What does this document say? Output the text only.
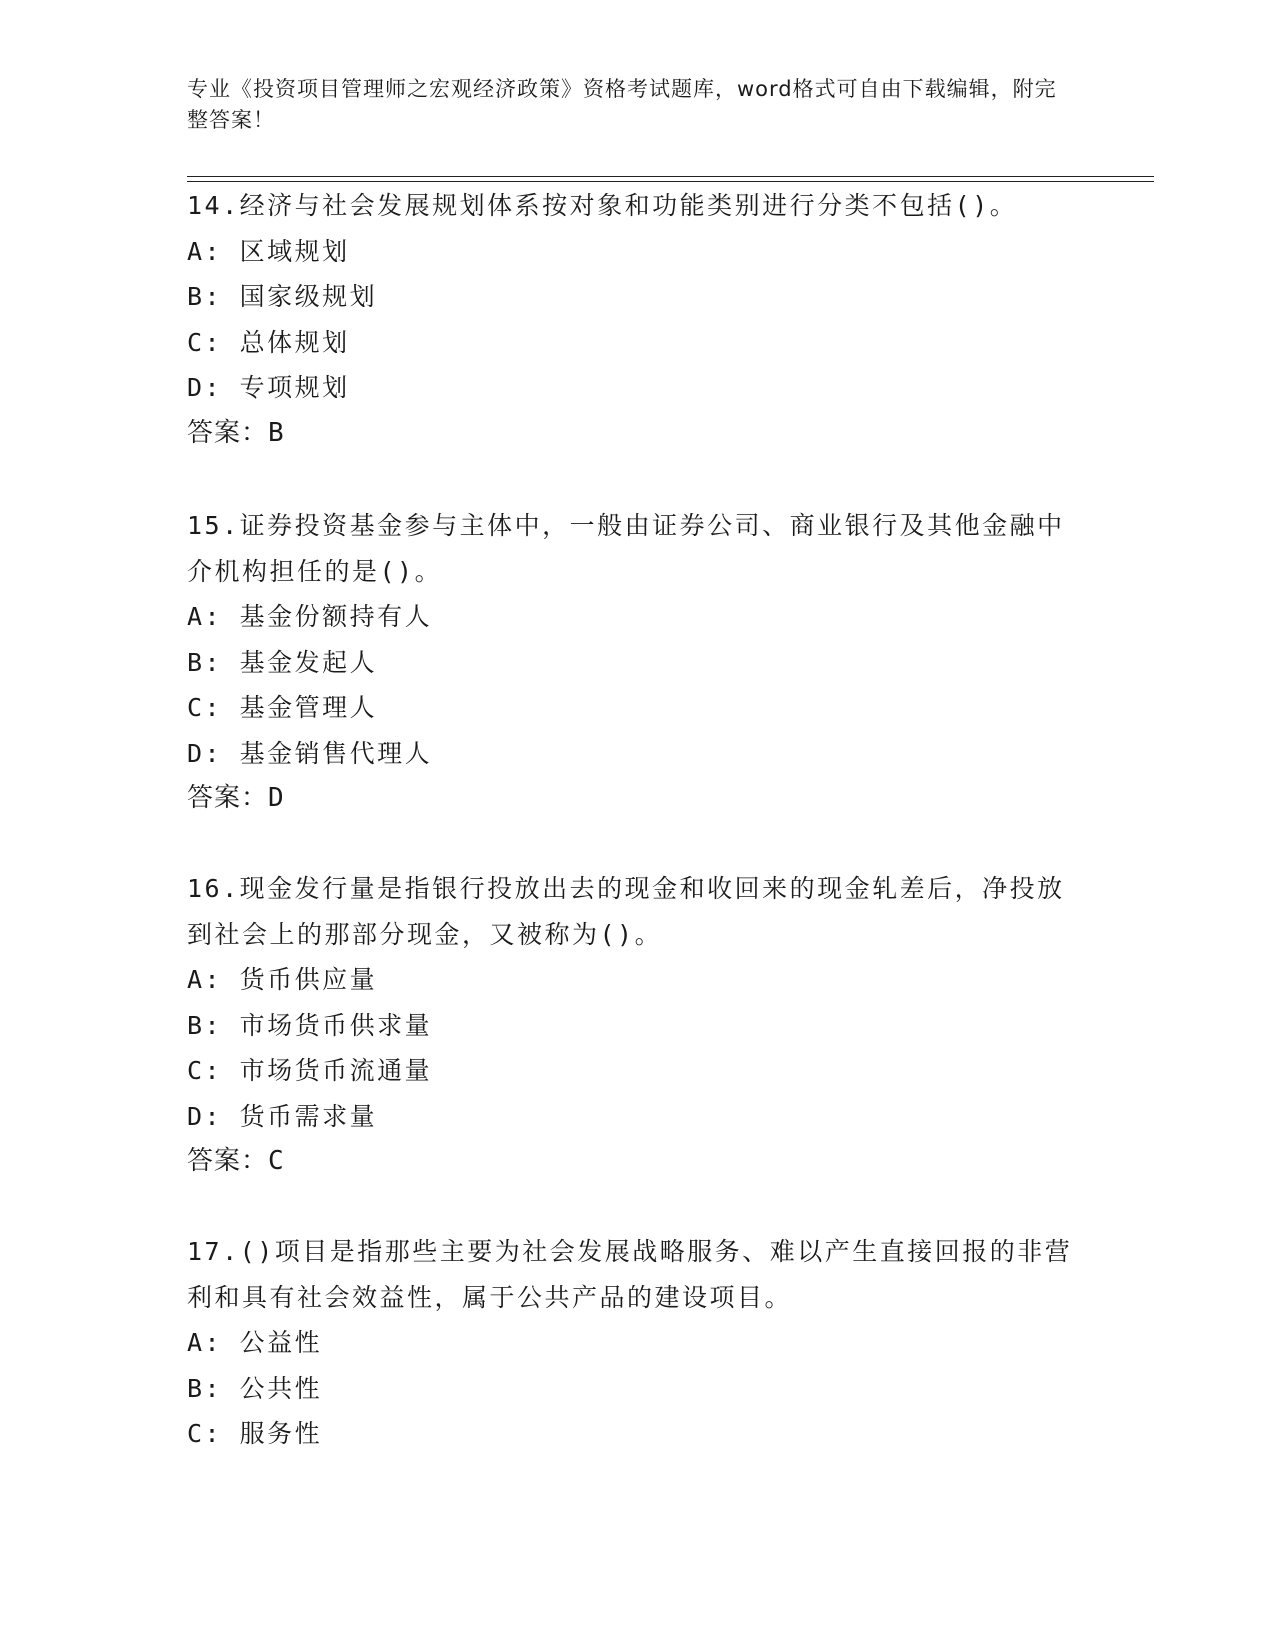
专业《投资项目管理师之宏观经济政策》资格考试题库，word格式可自由下载编辑，附完整答案！
14.经济与社会发展规划体系按对象和功能类别进行分类不包括()。
A: 区域规划
B: 国家级规划
C: 总体规划
D: 专项规划
答案：B
15.证券投资基金参与主体中，一般由证券公司、商业银行及其他金融中介机构担任的是()。
A: 基金份额持有人
B: 基金发起人
C: 基金管理人
D: 基金销售代理人
答案：D
16.现金发行量是指银行投放出去的现金和收回来的现金轧差后，净投放到社会上的那部分现金，又被称为()。
A: 货币供应量
B: 市场货币供求量
C: 市场货币流通量
D: 货币需求量
答案：C
17.()项目是指那些主要为社会发展战略服务、难以产生直接回报的非营利和具有社会效益性，属于公共产品的建设项目。
A: 公益性
B: 公共性
C: 服务性
